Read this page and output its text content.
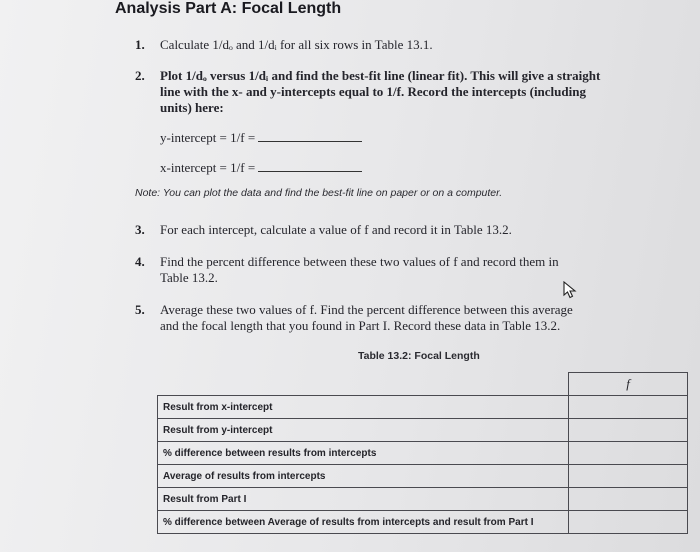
Analysis Part A: Focal Length
1. Calculate 1/dₒ and 1/dᵢ for all six rows in Table 13.1.
2. Plot 1/dₒ versus 1/dᵢ and find the best-fit line (linear fit). This will give a straight
line with the x- and y-intercepts equal to 1/f. Record the intercepts (including
units) here:
y-intercept = 1/f =
x-intercept = 1/f =
Note: You can plot the data and find the best-fit line on paper or on a computer.
3. For each intercept, calculate a value of f and record it in Table 13.2.
4. Find the percent difference between these two values of f and record them in
Table 13.2.
5. Average these two values of f. Find the percent difference between this average
and the focal length that you found in Part I. Record these data in Table 13.2.
Table 13.2: Focal Length
	f
Result from x-intercept	
Result from y-intercept	
% difference between results from intercepts	
Average of results from intercepts	
Result from Part I	
% difference between Average of results from intercepts and result from Part I	
